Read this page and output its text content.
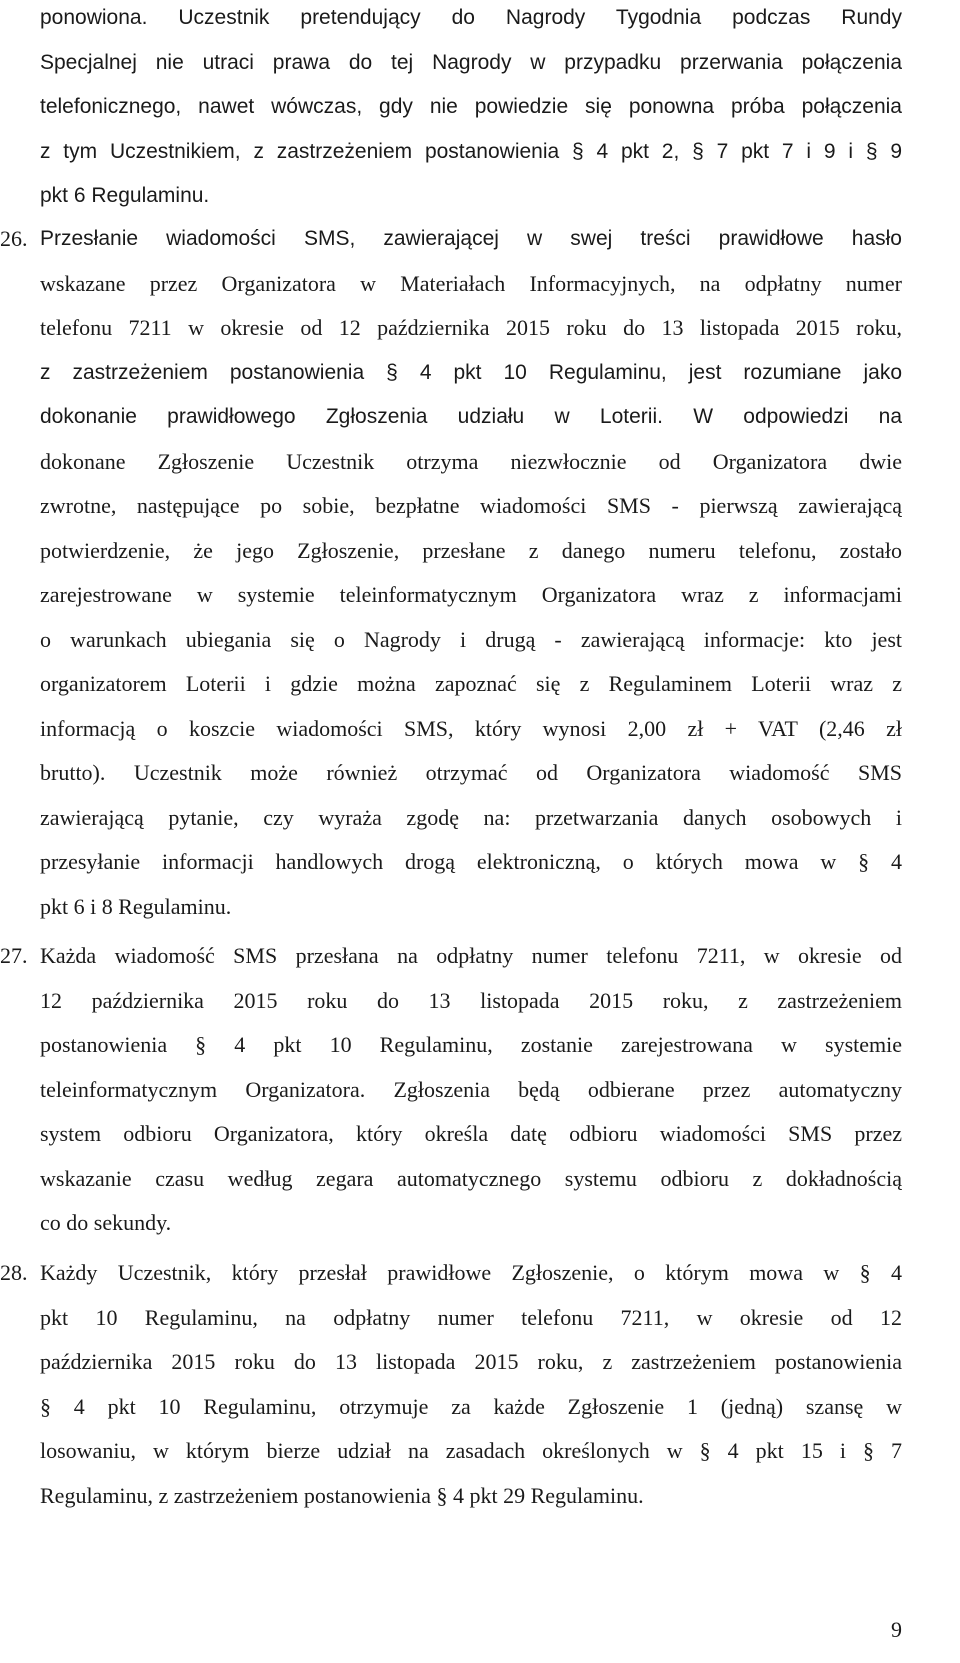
ponowiona. Uczestnik pretendujący do Nagrody Tygodnia podczas Rundy
Specjalnej nie utraci prawa do tej Nagrody w przypadku przerwania połączenia
telefonicznego, nawet wówczas, gdy nie powiedzie się ponowna próba połączenia
z tym Uczestnikiem, z zastrzeżeniem postanowienia § 4 pkt 2, § 7 pkt 7 i 9 i § 9
pkt 6 Regulaminu.
26. Przesłanie wiadomości SMS, zawierającej w swej treści prawidłowe hasło
wskazane przez Organizatora w Materiałach Informacyjnych, na odpłatny numer
telefonu 7211 w okresie od 12 października 2015 roku do 13 listopada 2015 roku,
z zastrzeżeniem postanowienia § 4 pkt 10 Regulaminu, jest rozumiane jako
dokonanie prawidłowego Zgłoszenia udziału w Loterii. W odpowiedzi na
dokonane Zgłoszenie Uczestnik otrzyma niezwłocznie od Organizatora dwie
zwrotne, następujące po sobie, bezpłatne wiadomości SMS - pierwszą zawierającą
potwierdzenie, że jego Zgłoszenie, przesłane z danego numeru telefonu, zostało
zarejestrowane w systemie teleinformatycznym Organizatora wraz z informacjami
o warunkach ubiegania się o Nagrody i drugą - zawierającą informacje: kto jest
organizatorem Loterii i gdzie można zapoznać się z Regulaminem Loterii wraz z
informacją o koszcie wiadomości SMS, który wynosi 2,00 zł + VAT (2,46 zł
brutto). Uczestnik może również otrzymać od Organizatora wiadomość SMS
zawierającą pytanie, czy wyraża zgodę na: przetwarzania danych osobowych i
przesyłanie informacji handlowych drogą elektroniczną, o których mowa w § 4
pkt 6 i 8 Regulaminu.
27. Każda wiadomość SMS przesłana na odpłatny numer telefonu 7211, w okresie od
12 października 2015 roku do 13 listopada 2015 roku, z zastrzeżeniem
postanowienia § 4 pkt 10 Regulaminu, zostanie zarejestrowana w systemie
teleinformatycznym Organizatora. Zgłoszenia będą odbierane przez automatyczny
system odbioru Organizatora, który określa datę odbioru wiadomości SMS przez
wskazanie czasu według zegara automatycznego systemu odbioru z dokładnością
co do sekundy.
28. Każdy Uczestnik, który przesłał prawidłowe Zgłoszenie, o którym mowa w § 4
pkt 10 Regulaminu, na odpłatny numer telefonu 7211, w okresie od 12
października 2015 roku do 13 listopada 2015 roku, z zastrzeżeniem postanowienia
§ 4 pkt 10 Regulaminu, otrzymuje za każde Zgłoszenie 1 (jedną) szansę w
losowaniu, w którym bierze udział na zasadach określonych w § 4 pkt 15 i § 7
Regulaminu, z zastrzeżeniem postanowienia § 4 pkt 29 Regulaminu.
9
